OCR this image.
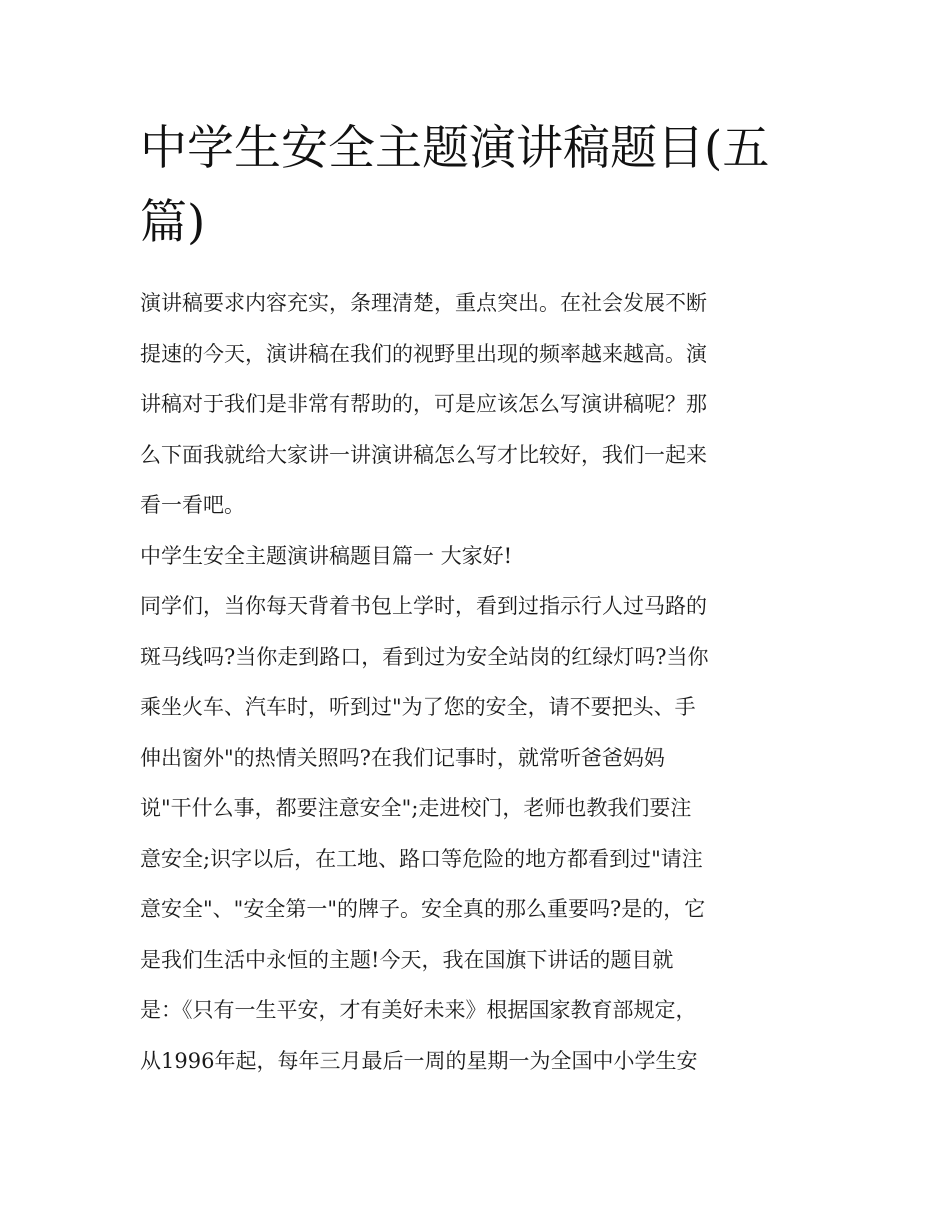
中学生安全主题演讲稿题目(五
篇)
演讲稿要求内容充实，条理清楚，重点突出。在社会发展不断
提速的今天，演讲稿在我们的视野里出现的频率越来越高。演
讲稿对于我们是非常有帮助的，可是应该怎么写演讲稿呢？那
么下面我就给大家讲一讲演讲稿怎么写才比较好，我们一起来
看一看吧。
中学生安全主题演讲稿题目篇一 大家好!
同学们，当你每天背着书包上学时，看到过指示行人过马路的
斑马线吗?当你走到路口，看到过为安全站岗的红绿灯吗?当你
乘坐火车、汽车时，听到过"为了您的安全，请不要把头、手
伸出窗外"的热情关照吗?在我们记事时，就常听爸爸妈妈
说"干什么事，都要注意安全";走进校门，老师也教我们要注
意安全;识字以后，在工地、路口等危险的地方都看到过"请注
意安全"、"安全第一"的牌子。安全真的那么重要吗?是的，它
是我们生活中永恒的主题!今天，我在国旗下讲话的题目就
是：《只有一生平安，才有美好未来》根据国家教育部规定，
从1996年起，每年三月最后一周的星期一为全国中小学生安
